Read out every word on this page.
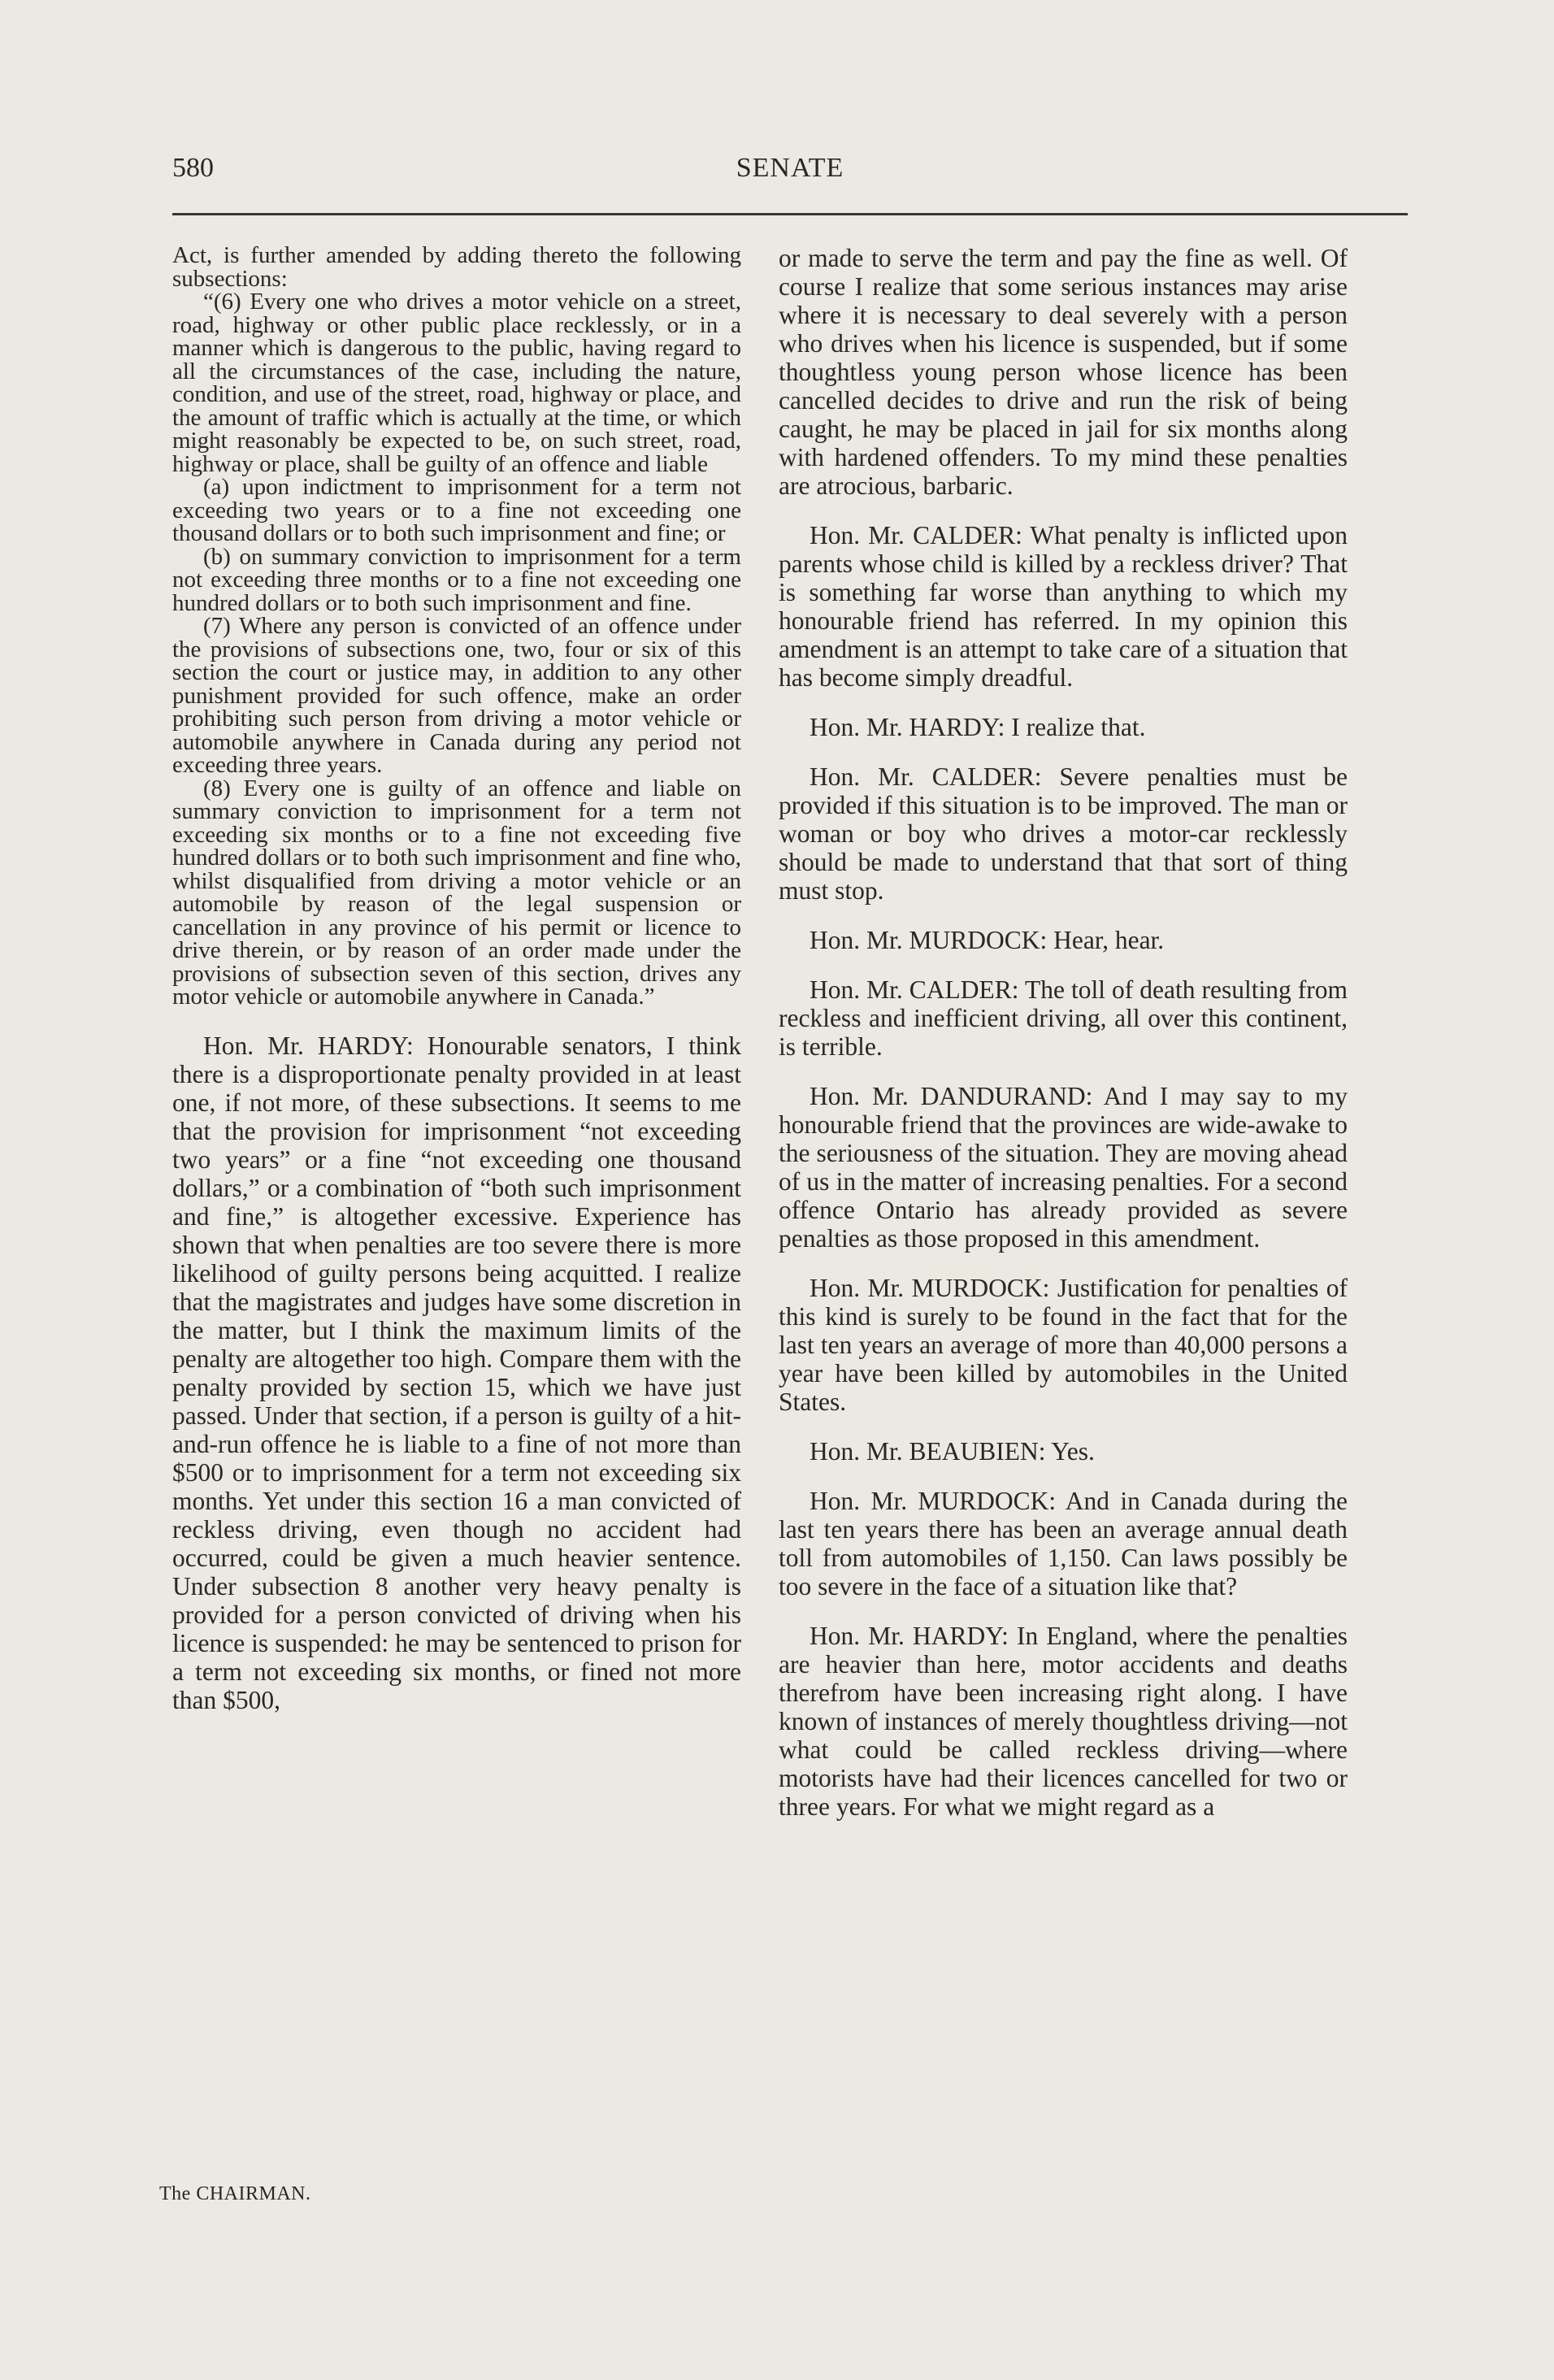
580	SENATE

Act, is further amended by adding thereto the following subsections:

“(6) Every one who drives a motor vehicle on a street, road, highway or other public place recklessly, or in a manner which is dangerous to the public, having regard to all the circumstances of the case, including the nature, condition, and use of the street, road, highway or place, and the amount of traffic which is actually at the time, or which might reasonably be expected to be, on such street, road, highway or place, shall be guilty of an offence and liable

(a) upon indictment to imprisonment for a term not exceeding two years or to a fine not exceeding one thousand dollars or to both such imprisonment and fine; or

(b) on summary conviction to imprisonment for a term not exceeding three months or to a fine not exceeding one hundred dollars or to both such imprisonment and fine.

(7) Where any person is convicted of an offence under the provisions of subsections one, two, four or six of this section the court or justice may, in addition to any other punishment provided for such offence, make an order prohibiting such person from driving a motor vehicle or automobile anywhere in Canada during any period not exceeding three years.

(8) Every one is guilty of an offence and liable on summary conviction to imprisonment for a term not exceeding six months or to a fine not exceeding five hundred dollars or to both such imprisonment and fine who, whilst disqualified from driving a motor vehicle or an automobile by reason of the legal suspension or cancellation in any province of his permit or licence to drive therein, or by reason of an order made under the provisions of subsection seven of this section, drives any motor vehicle or automobile anywhere in Canada.”

Hon. Mr. HARDY: Honourable senators, I think there is a disproportionate penalty provided in at least one, if not more, of these subsections. It seems to me that the provision for imprisonment “not exceeding two years” or a fine “not exceeding one thousand dollars,” or a combination of “both such imprisonment and fine,” is altogether excessive. Experience has shown that when penalties are too severe there is more likelihood of guilty persons being acquitted. I realize that the magistrates and judges have some discretion in the matter, but I think the maximum limits of the penalty are altogether too high. Compare them with the penalty provided by section 15, which we have just passed. Under that section, if a person is guilty of a hit-and-run offence he is liable to a fine of not more than $500 or to imprisonment for a term not exceeding six months. Yet under this section 16 a man convicted of reckless driving, even though no accident had occurred, could be given a much heavier sentence. Under subsection 8 another very heavy penalty is provided for a person convicted of driving when his licence is suspended: he may be sentenced to prison for a term not exceeding six months, or fined not more than $500,

or made to serve the term and pay the fine as well. Of course I realize that some serious instances may arise where it is necessary to deal severely with a person who drives when his licence is suspended, but if some thoughtless young person whose licence has been cancelled decides to drive and run the risk of being caught, he may be placed in jail for six months along with hardened offenders. To my mind these penalties are atrocious, barbaric.

Hon. Mr. CALDER: What penalty is inflicted upon parents whose child is killed by a reckless driver? That is something far worse than anything to which my honourable friend has referred. In my opinion this amendment is an attempt to take care of a situation that has become simply dreadful.

Hon. Mr. HARDY: I realize that.

Hon. Mr. CALDER: Severe penalties must be provided if this situation is to be improved. The man or woman or boy who drives a motor-car recklessly should be made to understand that that sort of thing must stop.

Hon. Mr. MURDOCK: Hear, hear.

Hon. Mr. CALDER: The toll of death resulting from reckless and inefficient driving, all over this continent, is terrible.

Hon. Mr. DANDURAND: And I may say to my honourable friend that the provinces are wide-awake to the seriousness of the situation. They are moving ahead of us in the matter of increasing penalties. For a second offence Ontario has already provided as severe penalties as those proposed in this amendment.

Hon. Mr. MURDOCK: Justification for penalties of this kind is surely to be found in the fact that for the last ten years an average of more than 40,000 persons a year have been killed by automobiles in the United States.

Hon. Mr. BEAUBIEN: Yes.

Hon. Mr. MURDOCK: And in Canada during the last ten years there has been an average annual death toll from automobiles of 1,150. Can laws possibly be too severe in the face of a situation like that?

Hon. Mr. HARDY: In England, where the penalties are heavier than here, motor accidents and deaths therefrom have been increasing right along. I have known of instances of merely thoughtless driving—not what could be called reckless driving—where motorists have had their licences cancelled for two or three years. For what we might regard as a

The CHAIRMAN.
